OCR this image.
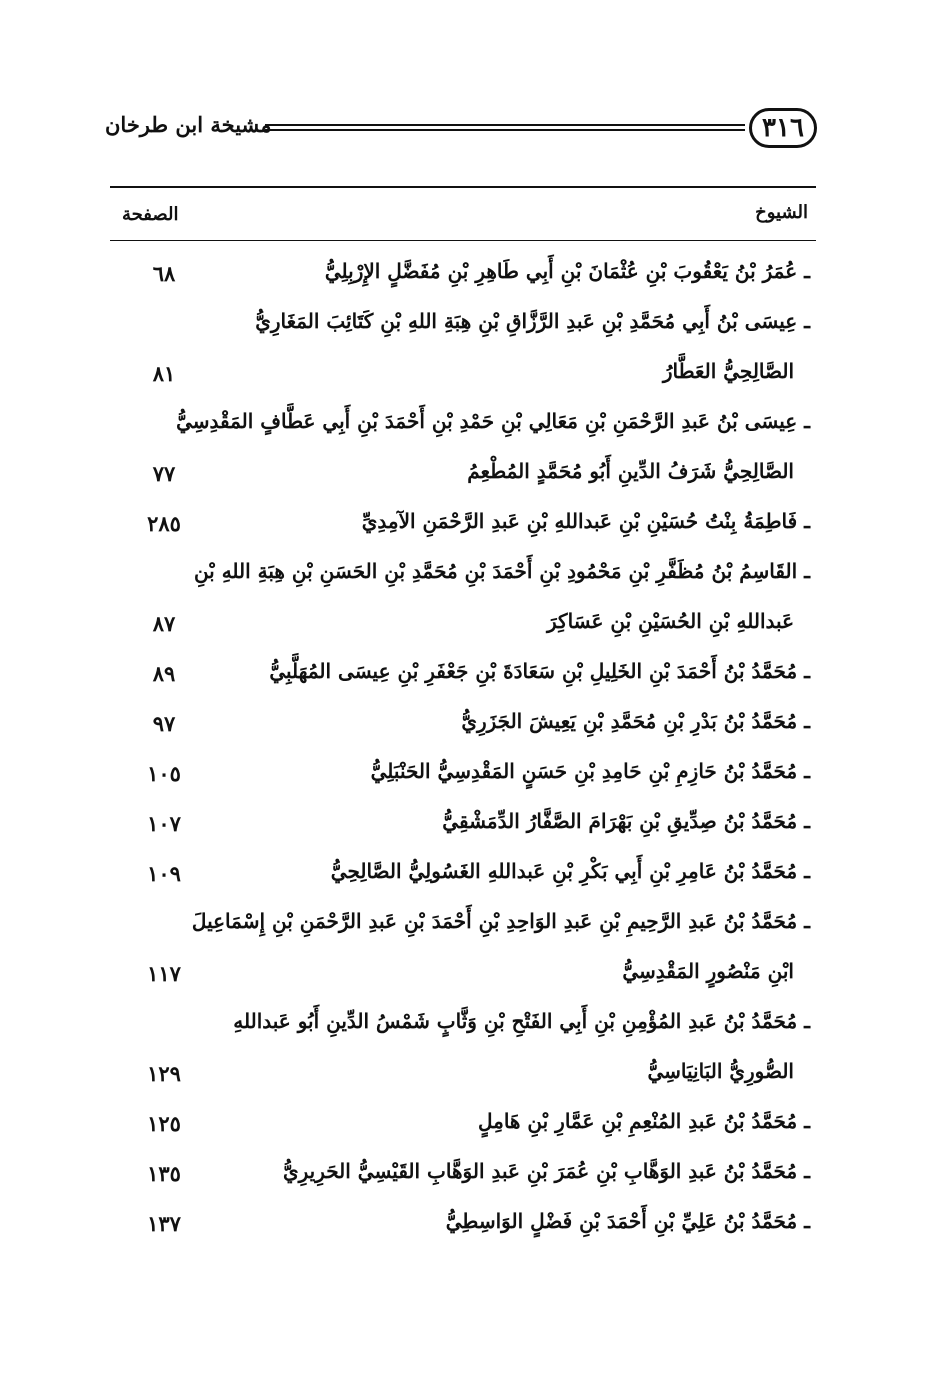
٣١٦
مشيخة ابن طرخان
الشيوخ
الصفحة
ـ عُمَرُ بْنُ يَعْقُوبَ بْنِ عُثْمَانَ بْنِ أَبِي طَاهِرِ بْنِ مُفَضَّلٍ الإِرْبِلِيُّ
٦٨
ـ عِيسَى بْنُ أَبِي مُحَمَّدِ بْنِ عَبدِ الرَّزَّاقِ بْنِ هِبَةِ اللهِ بْنِ كَتَائِبَ المَغَارِيُّ
الصَّالِحِيُّ العَطَّارُ
٨١
ـ عِيسَى بْنُ عَبدِ الرَّحْمَنِ بْنِ مَعَالِي بْنِ حَمْدِ بْنِ أَحْمَدَ بْنِ أَبِي عَطَّافٍ المَقْدِسِيُّ
الصَّالِحِيُّ شَرَفُ الدِّينِ أَبُو مُحَمَّدٍ المُطْعِمُ
٧٧
ـ فَاطِمَةُ بِنْتُ حُسَيْنِ بْنِ عَبداللهِ بْنِ عَبدِ الرَّحْمَنِ الآمِدِيِّ
٢٨٥
ـ القَاسِمُ بْنُ مُظَفَّرِ بْنِ مَحْمُودِ بْنِ أَحْمَدَ بْنِ مُحَمَّدِ بْنِ الحَسَنِ بْنِ هِبَةِ اللهِ بْنِ
عَبداللهِ بْنِ الحُسَيْنِ بْنِ عَسَاكِرَ
٨٧
ـ مُحَمَّدُ بْنُ أَحْمَدَ بْنِ الخَلِيلِ بْنِ سَعَادَةَ بْنِ جَعْفَرِ بْنِ عِيسَى المُهَلَّبِيُّ
٨٩
ـ مُحَمَّدُ بْنُ بَدْرِ بْنِ مُحَمَّدِ بْنِ يَعِيشَ الجَزَرِيُّ
٩٧
ـ مُحَمَّدُ بْنُ حَازِمِ بْنِ حَامِدِ بْنِ حَسَنٍ المَقْدِسِيُّ الحَنْبَلِيُّ
١٠٥
ـ مُحَمَّدُ بْنُ صِدِّيقِ بْنِ بَهْرَامَ الصَّفَّارُ الدِّمَشْقِيُّ
١٠٧
ـ مُحَمَّدُ بْنُ عَامِرِ بْنِ أَبِي بَكْرِ بْنِ عَبداللهِ الغَسُولِيُّ الصَّالِحِيُّ
١٠٩
ـ مُحَمَّدُ بْنُ عَبدِ الرَّحِيمِ بْنِ عَبدِ الوَاحِدِ بْنِ أَحْمَدَ بْنِ عَبدِ الرَّحْمَنِ بْنِ إِسْمَاعِيلَ
ابْنِ مَنْصُورٍ المَقْدِسِيُّ
١١٧
ـ مُحَمَّدُ بْنُ عَبدِ المُؤْمِنِ بْنِ أَبِي الفَتْحِ بْنِ وَثَّابٍ شَمْسُ الدِّينِ أَبُو عَبداللهِ
الصُّورِيُّ البَانِيَاسِيُّ
١٢٩
ـ مُحَمَّدُ بْنُ عَبدِ المُنْعِمِ بْنِ عَمَّارِ بْنِ هَامِلٍ
١٢٥
ـ مُحَمَّدُ بْنُ عَبدِ الوَهَّابِ بْنِ عُمَرَ بْنِ عَبدِ الوَهَّابِ القَيْسِيُّ الحَرِيرِيُّ
١٣٥
ـ مُحَمَّدُ بْنُ عَلِيِّ بْنِ أَحْمَدَ بْنِ فَضْلٍ الوَاسِطِيُّ
١٣٧
